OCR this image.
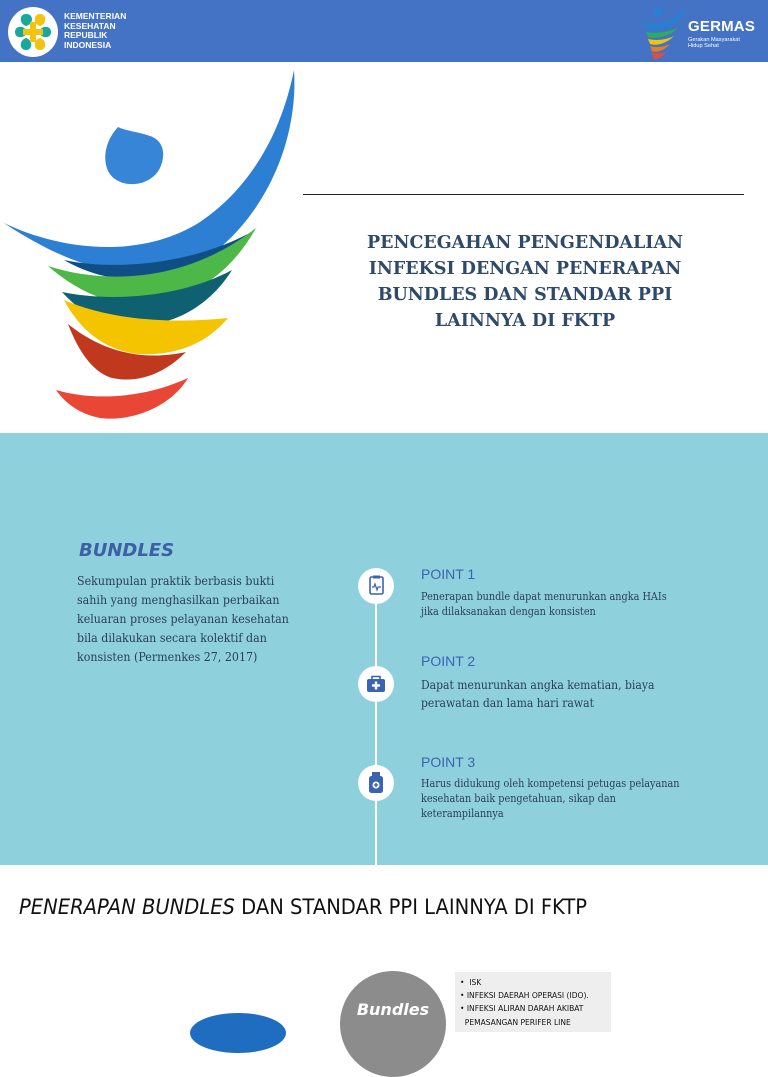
KEMENTERIAN
KESEHATAN
REPUBLIK
INDONESIA
GERMAS
Gerakan Masyarakat
Hidup Sehat
PENCEGAHAN PENGENDALIAN
INFEKSI DENGAN PENERAPAN
BUNDLES DAN STANDAR PPI
LAINNYA DI FKTP
BUNDLES
Sekumpulan praktik berbasis bukti
sahih yang menghasilkan perbaikan
keluaran proses pelayanan kesehatan
bila dilakukan secara kolektif dan
konsisten (Permenkes 27, 2017)
POINT 1
Penerapan bundle dapat menurunkan angka HAIs
jika dilaksanakan dengan konsisten
POINT 2
Dapat menurunkan angka kematian, biaya
perawatan dan lama hari rawat
POINT 3
Harus didukung oleh kompetensi petugas pelayanan
kesehatan baik pengetahuan, sikap dan
keterampilannya
PENERAPAN BUNDLES DAN STANDAR PPI LAINNYA DI FKTP
Bundles
•  ISK
• INFEKSI DAERAH OPERASI (IDO).
• INFEKSI ALIRAN DARAH AKIBAT
PEMASANGAN PERIFER LINE
